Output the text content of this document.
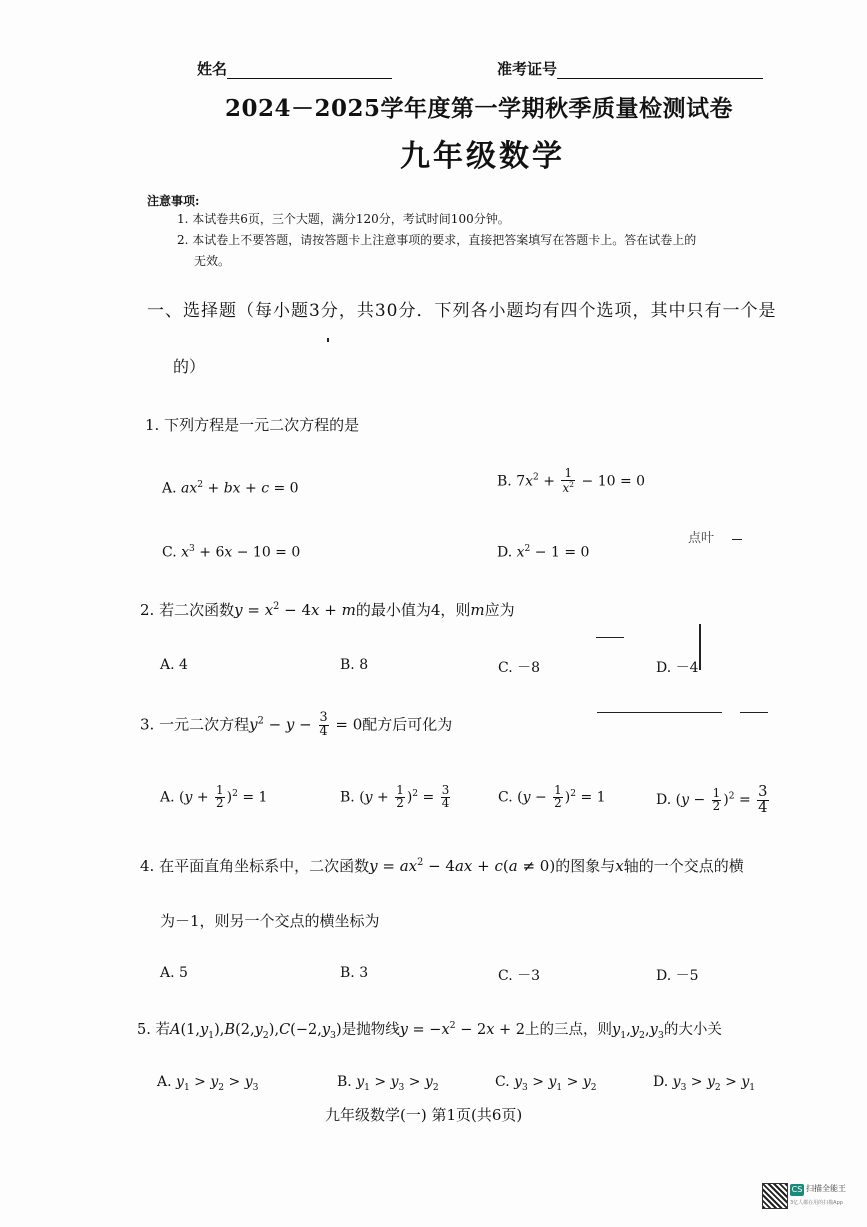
姓名	准考证号
2024－2025学年度第一学期秋季质量检测试卷
九年级数学
注意事项:
1. 本试卷共6页，三个大题，满分120分，考试时间100分钟。
2. 本试卷上不要答题，请按答题卡上注意事项的要求，直接把答案填写在答题卡上。答在试卷上的
无效。
一、选择题（每小题3分，共30分．下列各小题均有四个选项，其中只有一个是
的）
1. 下列方程是一元二次方程的是
A. $ax^2$ + bx + c = 0	B. $7x^2 + \frac{1}{x^2} - 10 = 0$
C. $x^3 + 6x - 10 = 0$	D. $x^2 - 1 = 0$
2. 若二次函数$y = x^2 - 4x + m$的最小值为4，则m应为
A. 4	B. 8	C. －8	D. －4
3. 一元二次方程$y^2 - y - \frac{3}{4} = 0$配方后可化为
A. $(y + \frac{1}{2} )^2 = 1$	B. $(y + \frac{1}{2} )^2 = \frac{3}{4}$	C. $(y - \frac{1}{2} )^2 = 1$	D. $(y - \frac{1}{2} )^2 = \frac{3}{4}$
4. 在平面直角坐标系中，二次函数$y = ax^2 - 4ax + c(a \ne 0)$的图象与x轴的一个交点的横
为－1，则另一个交点的横坐标为
A. 5	B. 3	C. －3	D. －5
5. 若$A(1,y_1),B(2,y_2),C(-2,y_3)$是抛物线$y = -x^2 - 2x + 2$上的三点，则$y_1,y_2,y_3$的大小关
A. $y_1 > y_2 > y_3$	B. $y_1 > y_3 > y_2$	C. $y_3 > y_1 > y_2$	D. $y_3 > y_2 > y_1$
九年级数学(一) 第1页(共6页)
CS 扫描全能王
3亿人都在用的扫描App
点叶
